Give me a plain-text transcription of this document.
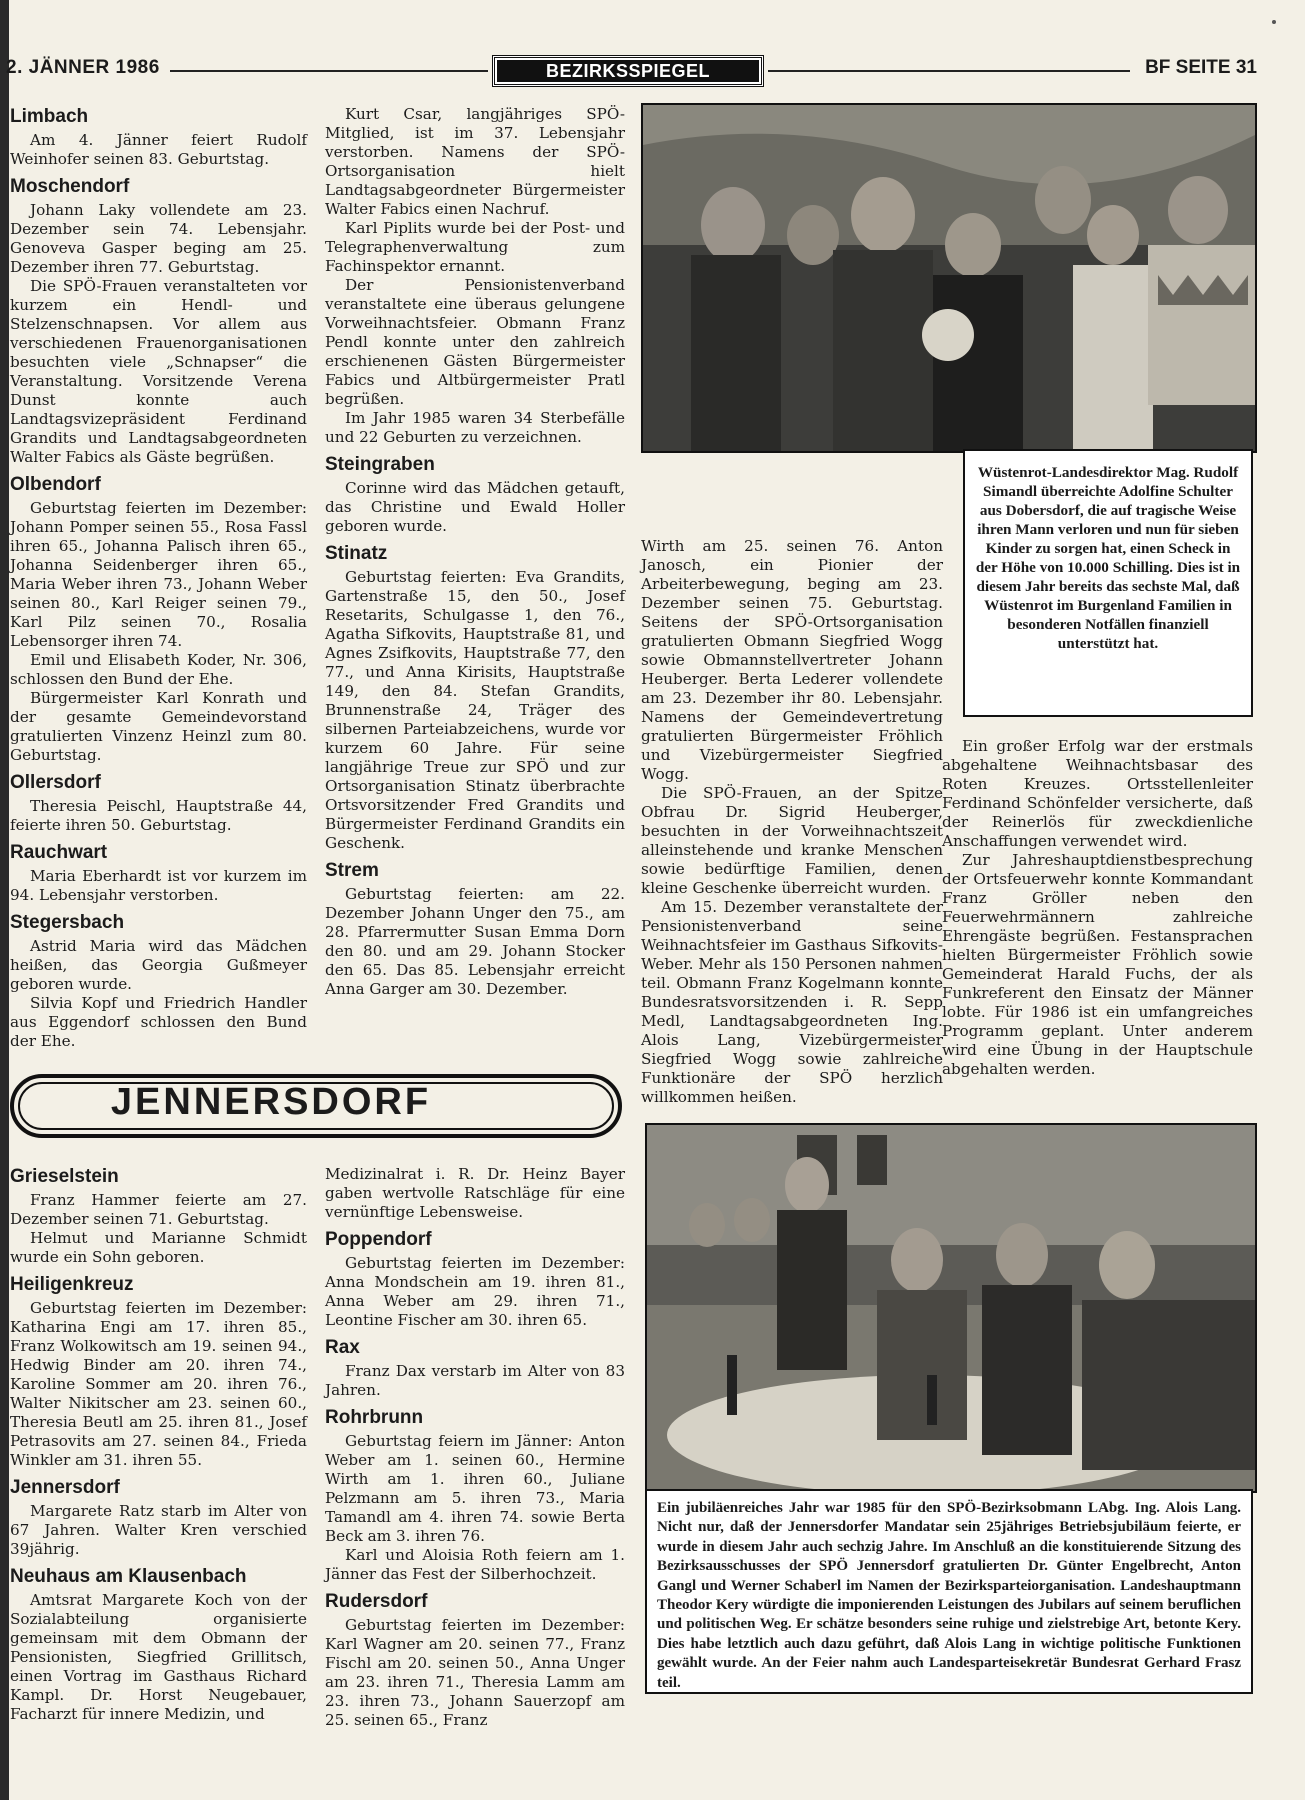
2. JÄNNER 1986	BEZIRKSSPIEGEL	BF SEITE 31
Limbach

Am 4. Jänner feiert Rudolf Weinhofer seinen 83. Geburtstag.

Moschendorf

Johann Laky vollendete am 23. Dezember sein 74. Lebensjahr. Genoveva Gasper beging am 25. Dezember ihren 77. Geburtstag.

Die SPÖ-Frauen veranstalteten vor kurzem ein Hendl- und Stelzenschnapsen. Vor allem aus verschiedenen Frauenorganisationen besuchten viele „Schnapser“ die Veranstaltung. Vorsitzende Verena Dunst konnte auch Landtagsvizepräsident Ferdinand Grandits und Landtagsabgeordneten Walter Fabics als Gäste begrüßen.

Olbendorf

Geburtstag feierten im Dezember: Johann Pomper seinen 55., Rosa Fassl ihren 65., Johanna Palisch ihren 65., Johanna Seidenberger ihren 65., Maria Weber ihren 73., Johann Weber seinen 80., Karl Reiger seinen 79., Karl Pilz seinen 70., Rosalia Lebensorger ihren 74.

Emil und Elisabeth Koder, Nr. 306, schlossen den Bund der Ehe.

Bürgermeister Karl Konrath und der gesamte Gemeindevorstand gratulierten Vinzenz Heinzl zum 80. Geburtstag.

Ollersdorf

Theresia Peischl, Hauptstraße 44, feierte ihren 50. Geburtstag.

Rauchwart

Maria Eberhardt ist vor kurzem im 94. Lebensjahr verstorben.

Stegersbach

Astrid Maria wird das Mädchen heißen, das Georgia Gußmeyer geboren wurde.

Silvia Kopf und Friedrich Handler aus Eggendorf schlossen den Bund der Ehe.

Kurt Csar, langjähriges SPÖ-Mitglied, ist im 37. Lebensjahr verstorben. Namens der SPÖ-Ortsorganisation hielt Landtagsabgeordneter Bürgermeister Walter Fabics einen Nachruf.

Karl Piplits wurde bei der Post- und Telegraphenverwaltung zum Fachinspektor ernannt.

Der Pensionistenverband veranstaltete eine überaus gelungene Vorweihnachtsfeier. Obmann Franz Pendl konnte unter den zahlreich erschienenen Gästen Bürgermeister Fabics und Altbürgermeister Pratl begrüßen.

Im Jahr 1985 waren 34 Sterbefälle und 22 Geburten zu verzeichnen.

Steingraben

Corinne wird das Mädchen getauft, das Christine und Ewald Holler geboren wurde.

Stinatz

Geburtstag feierten: Eva Grandits, Gartenstraße 15, den 50., Josef Resetarits, Schulgasse 1, den 76., Agatha Sifkovits, Hauptstraße 81, und Agnes Zsifkovits, Hauptstraße 77, den 77., und Anna Kirisits, Hauptstraße 149, den 84. Stefan Grandits, Brunnenstraße 24, Träger des silbernen Parteiabzeichens, wurde vor kurzem 60 Jahre. Für seine langjährige Treue zur SPÖ und zur Ortsorganisation Stinatz überbrachte Ortsvorsitzender Fred Grandits und Bürgermeister Ferdinand Grandits ein Geschenk.

Strem

Geburtstag feierten: am 22. Dezember Johann Unger den 75., am 28. Pfarrermutter Susan Emma Dorn den 80. und am 29. Johann Stocker den 65. Das 85. Lebensjahr erreicht Anna Garger am 30. Dezember.

Wüstenrot-Landesdirektor Mag. Rudolf Simandl überreichte Adolfine Schulter aus Dobersdorf, die auf tragische Weise ihren Mann verloren und nun für sieben Kinder zu sorgen hat, einen Scheck in der Höhe von 10.000 Schilling. Dies ist in diesem Jahr bereits das sechste Mal, daß Wüstenrot im Burgenland Familien in besonderen Notfällen finanziell unterstützt hat.

Wirth am 25. seinen 76. Anton Janosch, ein Pionier der Arbeiterbewegung, beging am 23. Dezember seinen 75. Geburtstag. Seitens der SPÖ-Ortsorganisation gratulierten Obmann Siegfried Wogg sowie Obmannstellvertreter Johann Heuberger. Berta Lederer vollendete am 23. Dezember ihr 80. Lebensjahr. Namens der Gemeindevertretung gratulierten Bürgermeister Fröhlich und Vizebürgermeister Siegfried Wogg.

Die SPÖ-Frauen, an der Spitze Obfrau Dr. Sigrid Heuberger, besuchten in der Vorweihnachtszeit alleinstehende und kranke Menschen sowie bedürftige Familien, denen kleine Geschenke überreicht wurden.

Am 15. Dezember veranstaltete der Pensionistenverband seine Weihnachtsfeier im Gasthaus Sifkovits-Weber. Mehr als 150 Personen nahmen teil. Obmann Franz Kogelmann konnte Bundesratsvorsitzenden i. R. Sepp Medl, Landtagsabgeordneten Ing. Alois Lang, Vizebürgermeister Siegfried Wogg sowie zahlreiche Funktionäre der SPÖ herzlich willkommen heißen.

Ein großer Erfolg war der erstmals abgehaltene Weihnachtsbasar des Roten Kreuzes. Ortsstellenleiter Ferdinand Schönfelder versicherte, daß der Reinerlös für zweckdienliche Anschaffungen verwendet wird.

Zur Jahreshauptdienstbesprechung der Ortsfeuerwehr konnte Kommandant Franz Gröller neben den Feuerwehrmännern zahlreiche Ehrengäste begrüßen. Festansprachen hielten Bürgermeister Fröhlich sowie Gemeinderat Harald Fuchs, der als Funkreferent den Einsatz der Männer lobte. Für 1986 ist ein umfangreiches Programm geplant. Unter anderem wird eine Übung in der Hauptschule abgehalten werden.

JENNERSDORF
Grieselstein

Franz Hammer feierte am 27. Dezember seinen 71. Geburtstag.

Helmut und Marianne Schmidt wurde ein Sohn geboren.

Heiligenkreuz

Geburtstag feierten im Dezember: Katharina Engi am 17. ihren 85., Franz Wolkowitsch am 19. seinen 94., Hedwig Binder am 20. ihren 74., Karoline Sommer am 20. ihren 76., Walter Nikitscher am 23. seinen 60., Theresia Beutl am 25. ihren 81., Josef Petrasovits am 27. seinen 84., Frieda Winkler am 31. ihren 55.

Jennersdorf

Margarete Ratz starb im Alter von 67 Jahren. Walter Kren verschied 39jährig.

Neuhaus am Klausenbach

Amtsrat Margarete Koch von der Sozialabteilung organisierte gemeinsam mit dem Obmann der Pensionisten, Siegfried Grillitsch, einen Vortrag im Gasthaus Richard Kampl. Dr. Horst Neugebauer, Facharzt für innere Medizin, und

Medizinalrat i. R. Dr. Heinz Bayer gaben wertvolle Ratschläge für eine vernünftige Lebensweise.

Poppendorf

Geburtstag feierten im Dezember: Anna Mondschein am 19. ihren 81., Anna Weber am 29. ihren 71., Leontine Fischer am 30. ihren 65.

Rax

Franz Dax verstarb im Alter von 83 Jahren.

Rohrbrunn

Geburtstag feiern im Jänner: Anton Weber am 1. seinen 60., Hermine Wirth am 1. ihren 60., Juliane Pelzmann am 5. ihren 73., Maria Tamandl am 4. ihren 74. sowie Berta Beck am 3. ihren 76.

Karl und Aloisia Roth feiern am 1. Jänner das Fest der Silberhochzeit.

Rudersdorf

Geburtstag feierten im Dezember: Karl Wagner am 20. seinen 77., Franz Fischl am 20. seinen 50., Anna Unger am 23. ihren 71., Theresia Lamm am 23. ihren 73., Johann Sauerzopf am 25. seinen 65., Franz

Ein jubiläenreiches Jahr war 1985 für den SPÖ-Bezirksobmann LAbg. Ing. Alois Lang. Nicht nur, daß der Jennersdorfer Mandatar sein 25jähriges Betriebsjubiläum feierte, er wurde in diesem Jahr auch sechzig Jahre. Im Anschluß an die konstituierende Sitzung des Bezirksausschusses der SPÖ Jennersdorf gratulierten Dr. Günter Engelbrecht, Anton Gangl und Werner Schaberl im Namen der Bezirksparteiorganisation. Landeshauptmann Theodor Kery würdigte die imponierenden Leistungen des Jubilars auf seinem beruflichen und politischen Weg. Er schätze besonders seine ruhige und zielstrebige Art, betonte Kery. Dies habe letztlich auch dazu geführt, daß Alois Lang in wichtige politische Funktionen gewählt wurde. An der Feier nahm auch Landesparteisekretär Bundesrat Gerhard Frasz teil.
